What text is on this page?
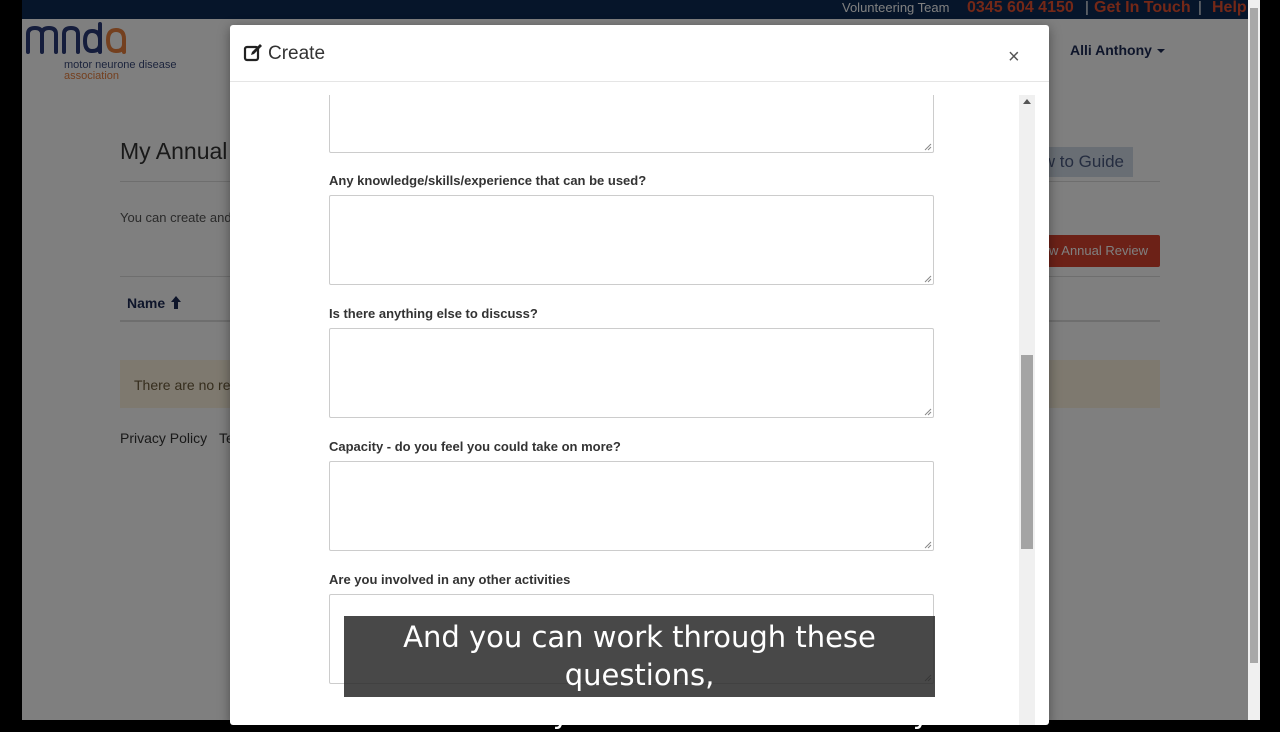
Create	×
Any knowledge/skills/experience that can be used?
Is there anything else to discuss?
Capacity - do you feel you could take on more?
Are you involved in any other activities
And you can work through these questions,
but don't feel you have to answer every
